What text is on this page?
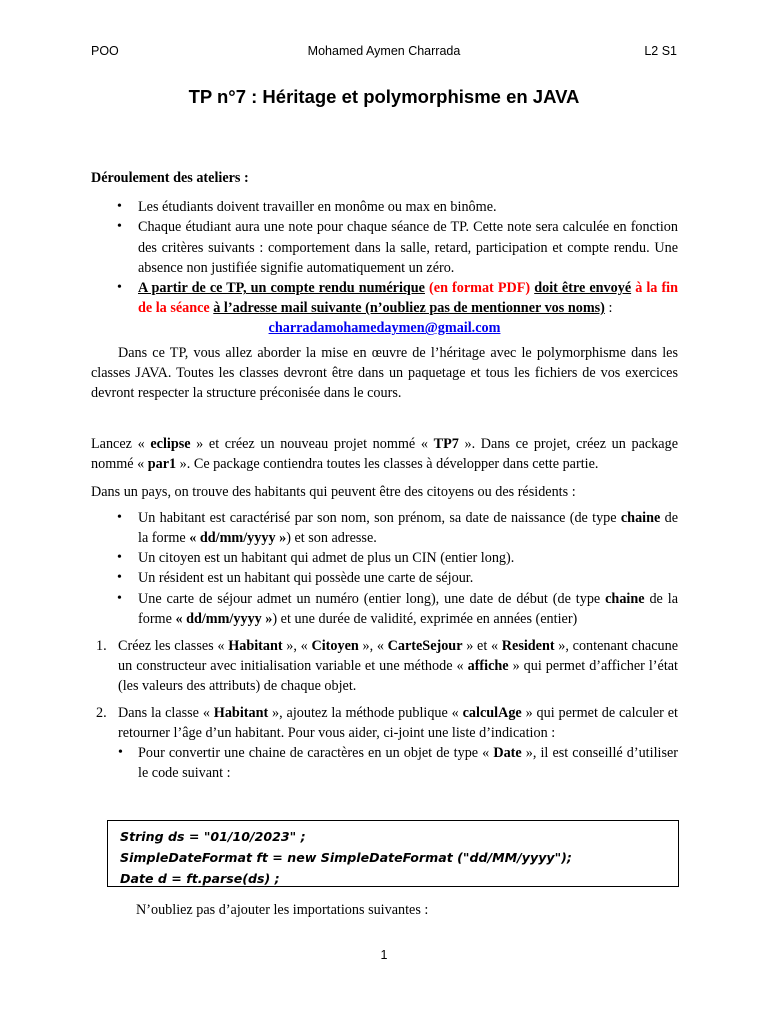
POO	Mohamed Aymen Charrada	L2 S1
TP n°7 : Héritage et polymorphisme en JAVA

Déroulement des ateliers :

• Les étudiants doivent travailler en monôme ou max en binôme.
• Chaque étudiant aura une note pour chaque séance de TP. Cette note sera calculée en fonction des critères suivants : comportement dans la salle, retard, participation et compte rendu. Une absence non justifiée signifie automatiquement un zéro.
• A partir de ce TP, un compte rendu numérique (en format PDF) doit être envoyé à la fin de la séance à l’adresse mail suivante (n’oubliez pas de mentionner vos noms) :

charradamohamedaymen@gmail.com

Dans ce TP, vous allez aborder la mise en œuvre de l’héritage avec le polymorphisme dans les classes JAVA. Toutes les classes devront être dans un paquetage et tous les fichiers de vos exercices devront respecter la structure préconisée dans le cours.

Lancez « eclipse » et créez un nouveau projet nommé « TP7 ». Dans ce projet, créez un package nommé « par1 ». Ce package contiendra toutes les classes à développer dans cette partie.

Dans un pays, on trouve des habitants qui peuvent être des citoyens ou des résidents :

• Un habitant est caractérisé par son nom, son prénom, sa date de naissance (de type chaine de la forme « dd/mm/yyyy ») et son adresse.
• Un citoyen est un habitant qui admet de plus un CIN (entier long).
• Un résident est un habitant qui possède une carte de séjour.
• Une carte de séjour admet un numéro (entier long), une date de début (de type chaine de la forme « dd/mm/yyyy ») et une durée de validité, exprimée en années (entier)
1. Créez les classes « Habitant », « Citoyen », « CarteSejour » et « Resident », contenant chacune un constructeur avec initialisation variable et une méthode « affiche » qui permet d’afficher l’état (les valeurs des attributs) de chaque objet.
2. Dans la classe « Habitant », ajoutez la méthode publique « calculAge » qui permet de calculer et retourner l’âge d’un habitant. Pour vous aider, ci-joint une liste d’indication :
• Pour convertir une chaine de caractères en un objet de type « Date », il est conseillé d’utiliser le code suivant :
String ds = "01/10/2023" ;
SimpleDateFormat ft = new SimpleDateFormat ("dd/MM/yyyy");
Date d = ft.parse(ds) ;
N’oubliez pas d’ajouter les importations suivantes :
1
